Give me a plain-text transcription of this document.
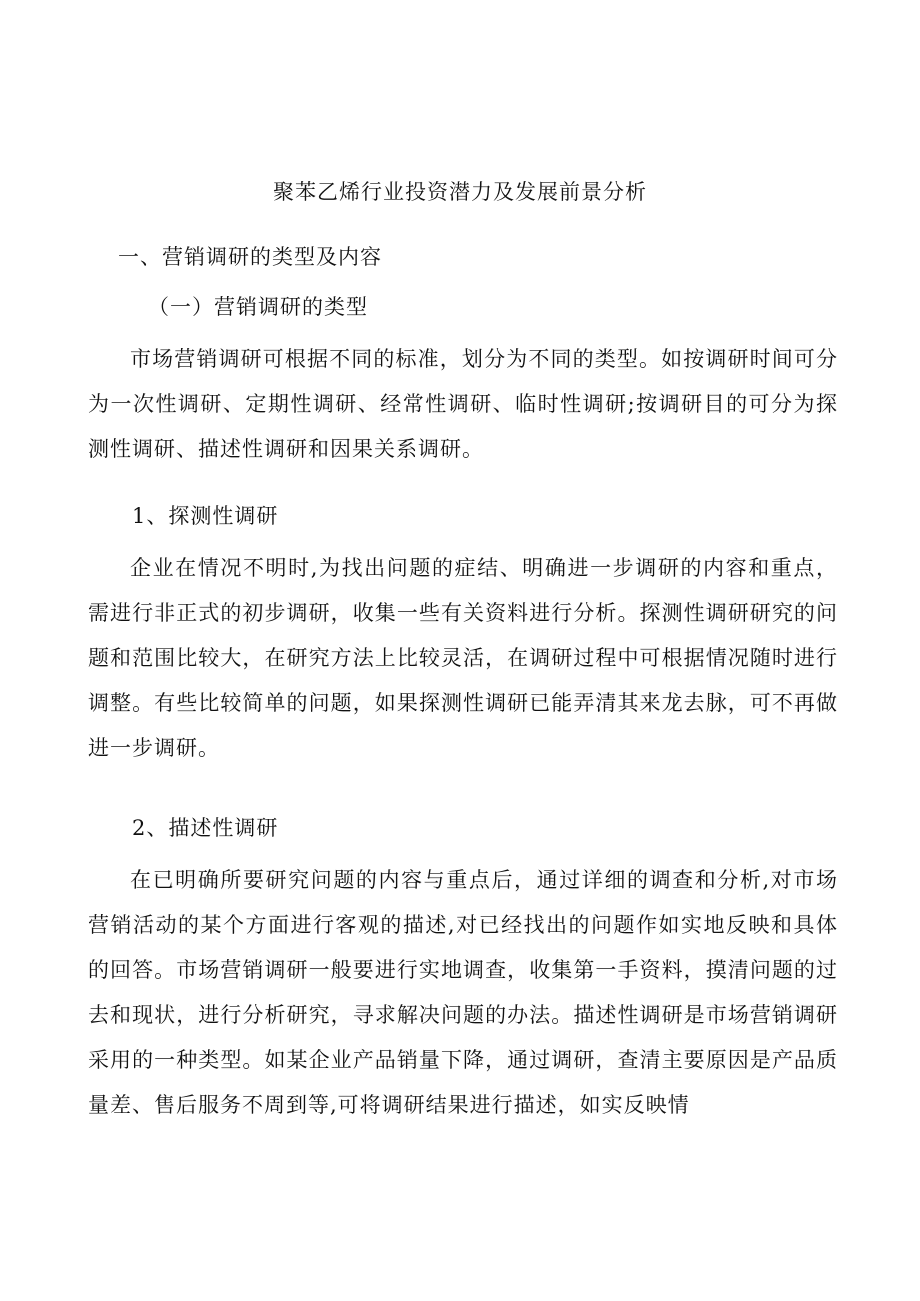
聚苯乙烯行业投资潜力及发展前景分析
一、营销调研的类型及内容
（一）营销调研的类型

市场营销调研可根据不同的标准，划分为不同的类型。如按调研时间可分为一次性调研、定期性调研、经常性调研、临时性调研;按调研目的可分为探测性调研、描述性调研和因果关系调研。

1、探测性调研

企业在情况不明时,为找出问题的症结、明确进一步调研的内容和重点，需进行非正式的初步调研，收集一些有关资料进行分析。探测性调研研究的问题和范围比较大，在研究方法上比较灵活，在调研过程中可根据情况随时进行调整。有些比较简单的问题，如果探测性调研已能弄清其来龙去脉，可不再做进一步调研。

2、描述性调研

在已明确所要研究问题的内容与重点后，通过详细的调查和分析,对市场营销活动的某个方面进行客观的描述,对已经找出的问题作如实地反映和具体的回答。市场营销调研一般要进行实地调查，收集第一手资料，摸清问题的过去和现状，进行分析研究，寻求解决问题的办法。描述性调研是市场营销调研采用的一种类型。如某企业产品销量下降，通过调研，查清主要原因是产品质量差、售后服务不周到等,可将调研结果进行描述，如实反映情
